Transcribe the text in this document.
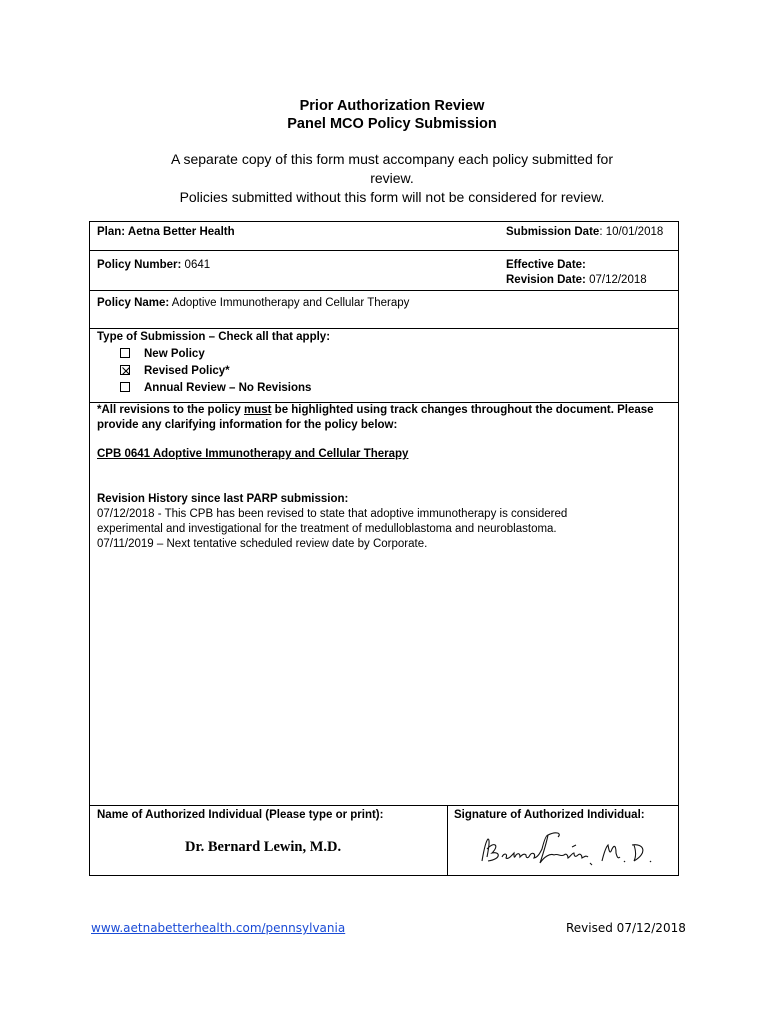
Prior Authorization Review
Panel MCO Policy Submission
A separate copy of this form must accompany each policy submitted for
review.
Policies submitted without this form will not be considered for review.
Plan: Aetna Better Health	Submission Date: 10/01/2018
Policy Number: 0641	Effective Date:
Revision Date: 07/12/2018
Policy Name: Adoptive Immunotherapy and Cellular Therapy
Type of Submission – Check all that apply:
New Policy
Revised Policy*
Annual Review – No Revisions
*All revisions to the policy must be highlighted using track changes throughout the document. Please provide any clarifying information for the policy below:
CPB 0641 Adoptive Immunotherapy and Cellular Therapy
Revision History since last PARP submission:
07/12/2018 - This CPB has been revised to state that adoptive immunotherapy is considered
experimental and investigational for the treatment of medulloblastoma and neuroblastoma.
07/11/2019 – Next tentative scheduled review date by Corporate.
Name of Authorized Individual (Please type or print):	Signature of Authorized Individual:
Dr. Bernard Lewin, M.D.
www.aetnabetterhealth.com/pennsylvania	Revised 07/12/2018
